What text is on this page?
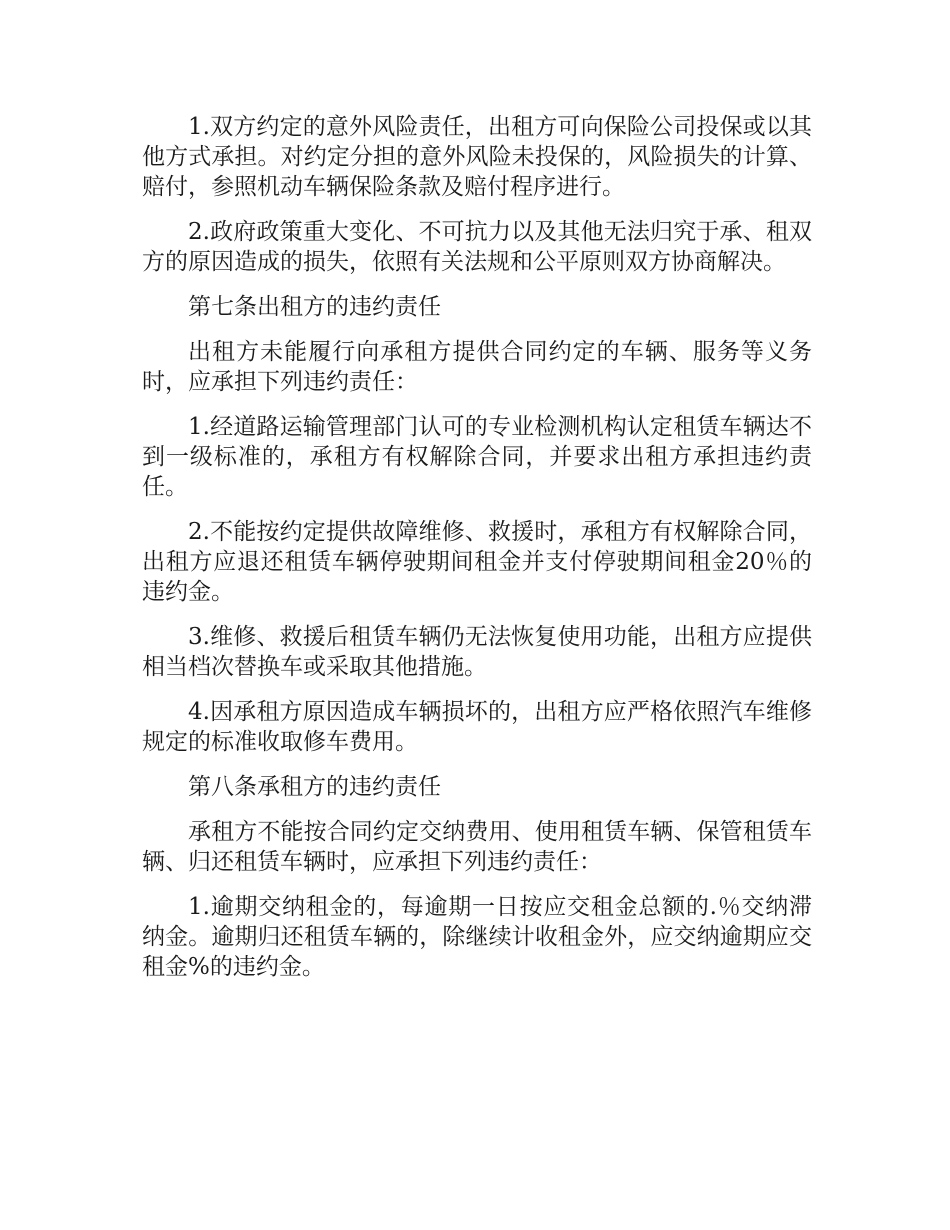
1.双方约定的意外风险责任，出租方可向保险公司投保或以其他方式承担。对约定分担的意外风险未投保的，风险损失的计算、赔付，参照机动车辆保险条款及赔付程序进行。

2.政府政策重大变化、不可抗力以及其他无法归究于承、租双方的原因造成的损失，依照有关法规和公平原则双方协商解决。

第七条出租方的违约责任

出租方未能履行向承租方提供合同约定的车辆、服务等义务时，应承担下列违约责任：

1.经道路运输管理部门认可的专业检测机构认定租赁车辆达不到一级标准的，承租方有权解除合同，并要求出租方承担违约责任。

2.不能按约定提供故障维修、救援时，承租方有权解除合同，出租方应退还租赁车辆停驶期间租金并支付停驶期间租金20％的违约金。

3.维修、救援后租赁车辆仍无法恢复使用功能，出租方应提供相当档次替换车或采取其他措施。

4.因承租方原因造成车辆损坏的，出租方应严格依照汽车维修规定的标准收取修车费用。

第八条承租方的违约责任

承租方不能按合同约定交纳费用、使用租赁车辆、保管租赁车辆、归还租赁车辆时，应承担下列违约责任：

1.逾期交纳租金的，每逾期一日按应交租金总额的.％交纳滞纳金。逾期归还租赁车辆的，除继续计收租金外，应交纳逾期应交租金%的违约金。
